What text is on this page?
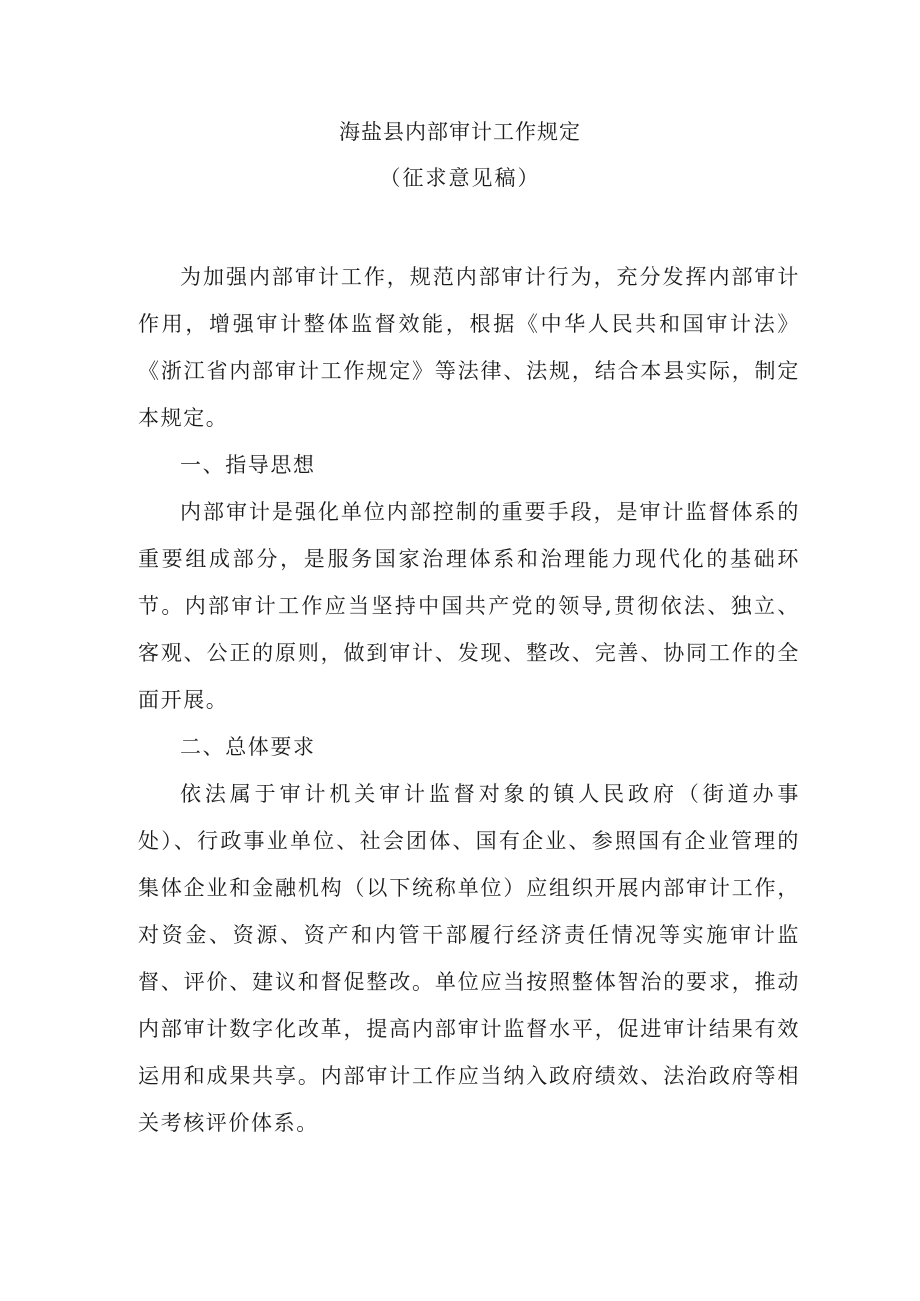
海盐县内部审计工作规定
（征求意见稿）

为加强内部审计工作，规范内部审计行为，充分发挥内部审计作用，增强审计整体监督效能，根据《中华人民共和国审计法》《浙江省内部审计工作规定》等法律、法规，结合本县实际，制定本规定。

一、指导思想

内部审计是强化单位内部控制的重要手段，是审计监督体系的重要组成部分，是服务国家治理体系和治理能力现代化的基础环节。内部审计工作应当坚持中国共产党的领导,贯彻依法、独立、客观、公正的原则，做到审计、发现、整改、完善、协同工作的全面开展。

二、总体要求

依法属于审计机关审计监督对象的镇人民政府（街道办事处）、行政事业单位、社会团体、国有企业、参照国有企业管理的集体企业和金融机构（以下统称单位）应组织开展内部审计工作，对资金、资源、资产和内管干部履行经济责任情况等实施审计监督、评价、建议和督促整改。单位应当按照整体智治的要求，推动内部审计数字化改革，提高内部审计监督水平，促进审计结果有效运用和成果共享。内部审计工作应当纳入政府绩效、法治政府等相关考核评价体系。
